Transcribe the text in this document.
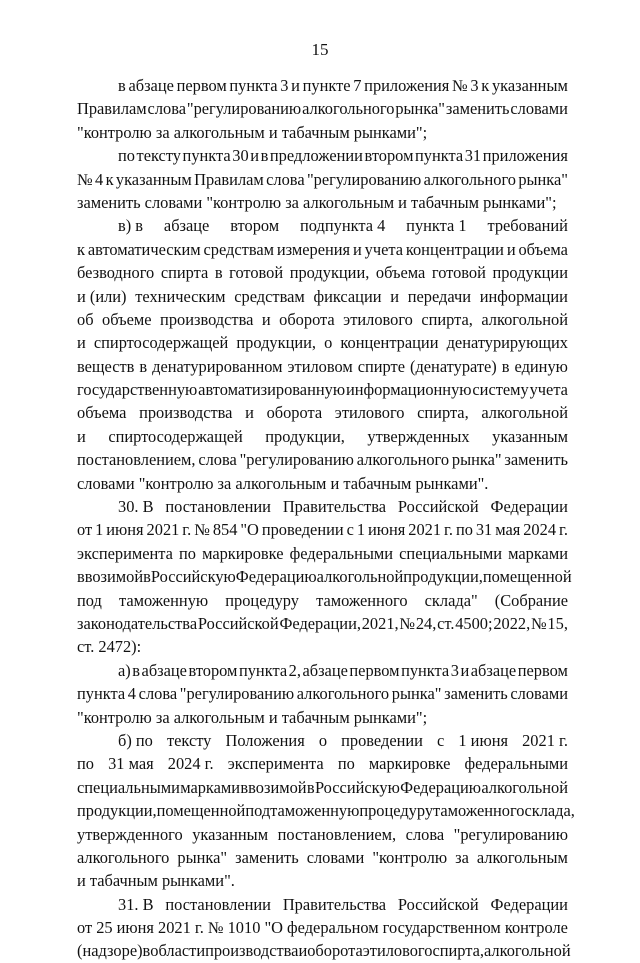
15
в абзаце первом пункта 3 и пункте 7 приложения № 3 к указанным
Правилам слова "регулированию алкогольного рынка" заменить словами
"контролю за алкогольным и табачным рынками";
по тексту пункта 30 и в предложении втором пункта 31 приложения
№ 4 к указанным Правилам слова "регулированию алкогольного рынка"
заменить словами "контролю за алкогольным и табачным рынками";
в) в абзаце втором подпункта 4 пункта 1 требований
к автоматическим средствам измерения и учета концентрации и объема
безводного спирта в готовой продукции, объема готовой продукции
и (или) техническим средствам фиксации и передачи информации
об объеме производства и оборота этилового спирта, алкогольной
и спиртосодержащей продукции, о концентрации денатурирующих
веществ в денатурированном этиловом спирте (денатурате) в единую
государственную автоматизированную информационную систему учета
объема производства и оборота этилового спирта, алкогольной
и спиртосодержащей продукции, утвержденных указанным
постановлением, слова "регулированию алкогольного рынка" заменить
словами "контролю за алкогольным и табачным рынками".
30. В постановлении Правительства Российской Федерации
от 1 июня 2021 г. № 854 "О проведении с 1 июня 2021 г. по 31 мая 2024 г.
эксперимента по маркировке федеральными специальными марками
ввозимой в Российскую Федерацию алкогольной продукции, помещенной
под таможенную процедуру таможенного склада" (Собрание
законодательства Российской Федерации, 2021, № 24, ст. 4500; 2022, № 15,
ст. 2472):
а) в абзаце втором пункта 2, абзаце первом пункта 3 и абзаце первом
пункта 4 слова "регулированию алкогольного рынка" заменить словами
"контролю за алкогольным и табачным рынками";
б) по тексту Положения о проведении с 1 июня 2021 г.
по 31 мая 2024 г. эксперимента по маркировке федеральными
специальными марками ввозимой в Российскую Федерацию алкогольной
продукции, помещенной под таможенную процедуру таможенного склада,
утвержденного указанным постановлением, слова "регулированию
алкогольного рынка" заменить словами "контролю за алкогольным
и табачным рынками".
31. В постановлении Правительства Российской Федерации
от 25 июня 2021 г. № 1010 "О федеральном государственном контроле
(надзоре) в области производства и оборота этилового спирта, алкогольной
